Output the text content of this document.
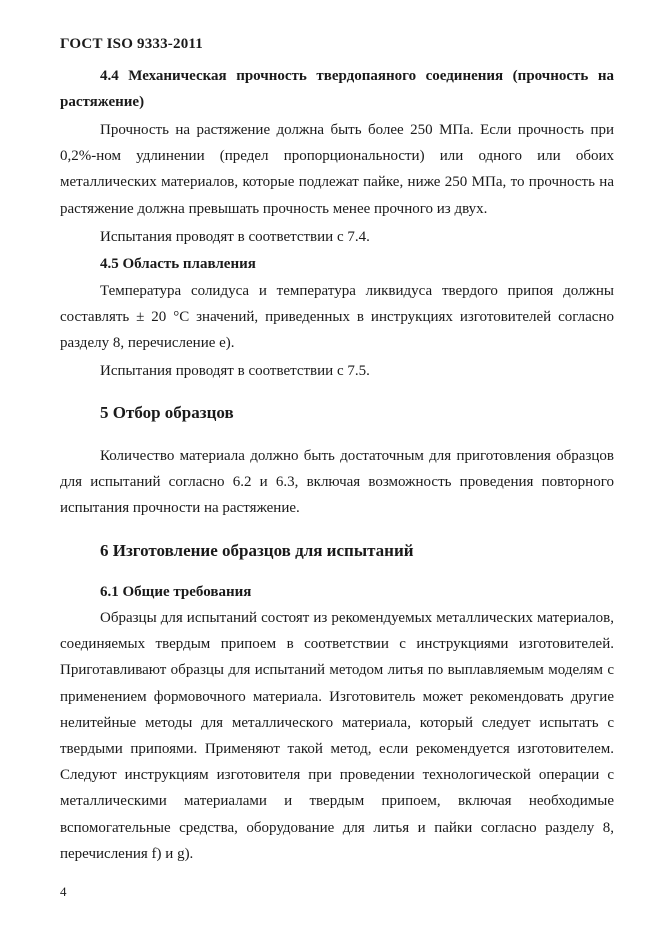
ГОСТ ISO 9333-2011
4.4 Механическая прочность твердопаяного соединения (прочность на растяжение)
Прочность на растяжение должна быть более 250 МПа. Если прочность при 0,2%-ном удлинении (предел пропорциональности) или одного или обоих металлических материалов, которые подлежат пайке, ниже 250 МПа, то прочность на растяжение должна превышать прочность менее прочного из двух.
Испытания проводят в соответствии с 7.4.
4.5 Область плавления
Температура солидуса и температура ликвидуса твердого припоя должны составлять ± 20 °С значений, приведенных в инструкциях изготовителей согласно разделу 8, перечисление е).
Испытания проводят в соответствии с 7.5.
5 Отбор образцов
Количество материала должно быть достаточным для приготовления образцов для испытаний согласно 6.2 и 6.3, включая возможность проведения повторного испытания прочности на растяжение.
6 Изготовление образцов для испытаний
6.1 Общие требования
Образцы для испытаний состоят из рекомендуемых металлических материалов, соединяемых твердым припоем в соответствии с инструкциями изготовителей. Приготавливают образцы для испытаний методом литья по выплавляемым моделям с применением формовочного материала. Изготовитель может рекомендовать другие нелитейные методы для металлического материала, который следует испытать с твердыми припоями. Применяют такой метод, если рекомендуется изготовителем. Следуют инструкциям изготовителя при проведении технологической операции с металлическими материалами и твердым припоем, включая необходимые вспомогательные средства, оборудование для литья и пайки согласно разделу 8, перечисления f) и g).
4
